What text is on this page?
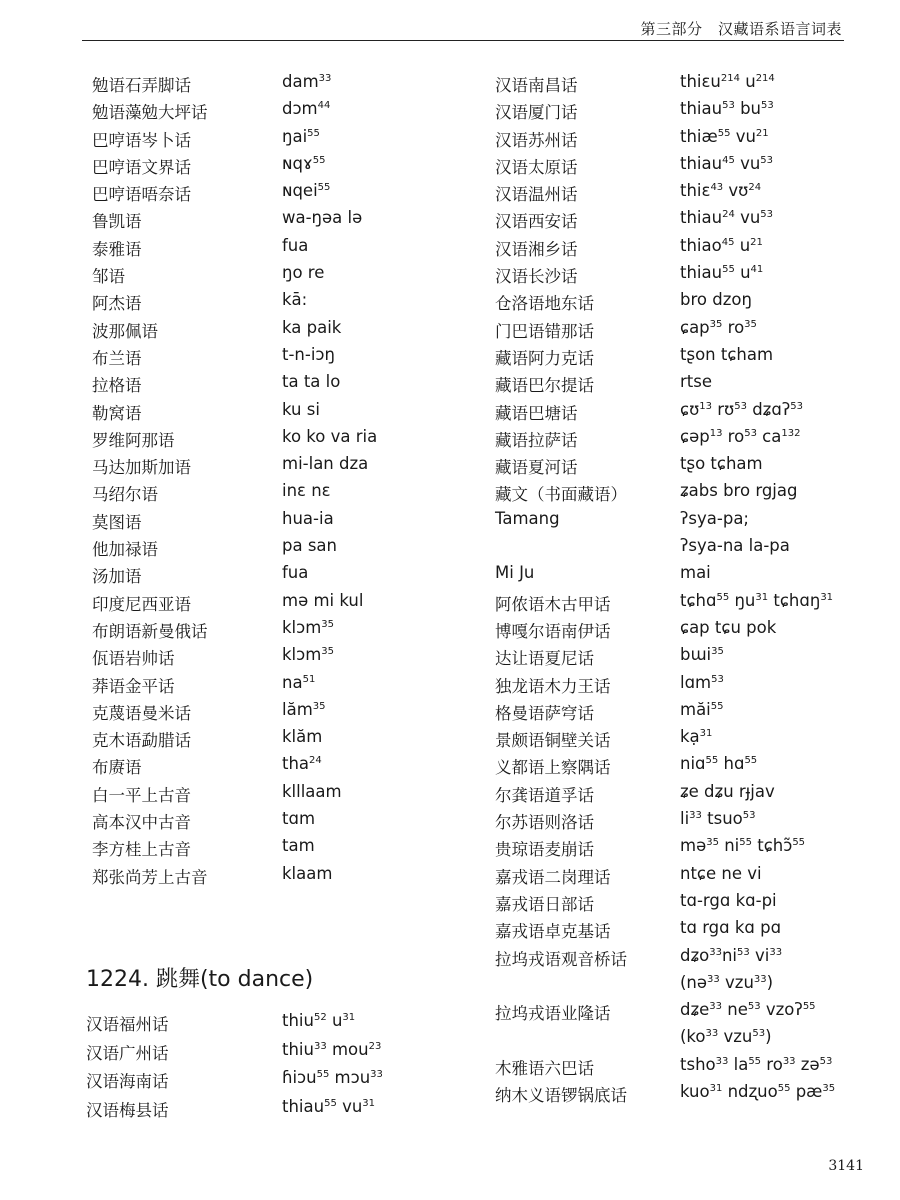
第三部分　汉藏语系语言词表
勉语石弄脚话	dam$^{33}$
勉语藻勉大坪话	dɔm$^{44}$
巴哼语岑卜话	ŋai$^{55}$
巴哼语文界话	ɴqɤ$^{55}$
巴哼语唔奈话	ɴqei$^{55}$
鲁凯语	wa-ŋəa lə
泰雅语	fua
邹语	ŋo re
阿杰语	kā:
波那佩语	ka paik
布兰语	t-n-iɔŋ
拉格语	ta ta lo
勒窝语	ku si
罗维阿那语	ko ko va ria
马达加斯加语	mi-lan dza
马绍尔语	inɛ nɛ
莫图语	hua-ia
他加禄语	pa san
汤加语	fua
印度尼西亚语	mə mi kul
布朗语新曼俄话	klɔm$^{35}$
佤语岩帅话	klɔm$^{35}$
莽语金平话	$na^{51}$
克蔑语曼米话	lăm$^{35}$
克木语勐腊话	klăm
布赓语	tha$^{24}$
白一平上古音	klllaam
高本汉中古音	tɑm
李方桂上古音	tam
郑张尚芳上古音	klaam
1224. 跳舞(to dance)
汉语福州话	thiu$^{52}$ $u^{31}$
汉语广州话	thiu$^{33}$ mou$^{23}$
汉语海南话	ɦiɔu$^{55}$ mɔu$^{33}$
汉语梅县话	thiau$^{55}$ $vu^{31}$
汉语南昌话	thiɛu$^{214}$ $u^{214}$
汉语厦门话	thiau$^{53}$ $bu^{53}$
汉语苏州话	thiæ$^{55}$ $vu^{21}$
汉语太原话	thiau$^{45}$ $vu^{53}$
汉语温州话	thiɛ$^{43}$ vʊ$^{24}$
汉语西安话	thiau$^{24}$ $vu^{53}$
汉语湘乡话	thiao$^{45}$ $u^{21}$
汉语长沙话	thiau$^{55}$ $u^{41}$
仓洛语地东话	bro dzoŋ
门巴语错那话	ɕap$^{35}$ $ro^{35}$
藏语阿力克话	tʂon tɕham
藏语巴尔提话	rtse
藏语巴塘话	ɕʊ$^{13}$ rʊ$^{53}$ dʑɑʔ$^{53}$
藏语拉萨话	ɕəp$^{13}$ $ro^{53}$ $ca^{132}$
藏语夏河话	tʂo tɕham
藏文（书面藏语）	ʑabs bro rgjag
Tamang	ʔsya-pa;
ʔsya-na la-pa
Mi Ju	mai
阿侬语木古甲话	tɕhɑ$^{55}$ $ŋu^{31}$ tɕhɑŋ$^{31}$
博嘎尔语南伊话	ɕap tɕu pok
达让语夏尼话	bɯi$^{35}$
独龙语木力王话	lɑm$^{53}$
格曼语萨穹话	măi$^{55}$
景颇语铜壁关话	kạ$^{31}$
义都语上察隅话	niɑ$^{55}$ hɑ$^{55}$
尔龚语道孚话	ʑe dʑu rɟjav
尔苏语则洛话	$li^{33}$ tsuo$^{53}$
贵琼语麦崩话	mə$^{35}$ $ni^{55}$ tɕhɔ̃$^{55}$
嘉戎语二岗理话	ntɕe ne vi
嘉戎语日部话	tɑ-rgɑ kɑ-pi
嘉戎语卓克基话	tɑ rgɑ kɑ pɑ
拉坞戎语观音桥话	$dʑo^{33}ni^{53}$ $vi^{33}$
(nə$^{33}$ vzu$^{33}$)
拉坞戎语业隆话	dʑe$^{33}$ $ne^{53}$ vzoʔ$^{55}$
($ko^{33}$ vzu$^{53}$)
木雅语六巴话	tsho$^{33}$ $la^{55}$ $ro^{33}$ zə$^{53}$
纳木义语锣锅底话	kuo$^{31}$ ndʐuo$^{55}$ $pæ^{35}$
3141
